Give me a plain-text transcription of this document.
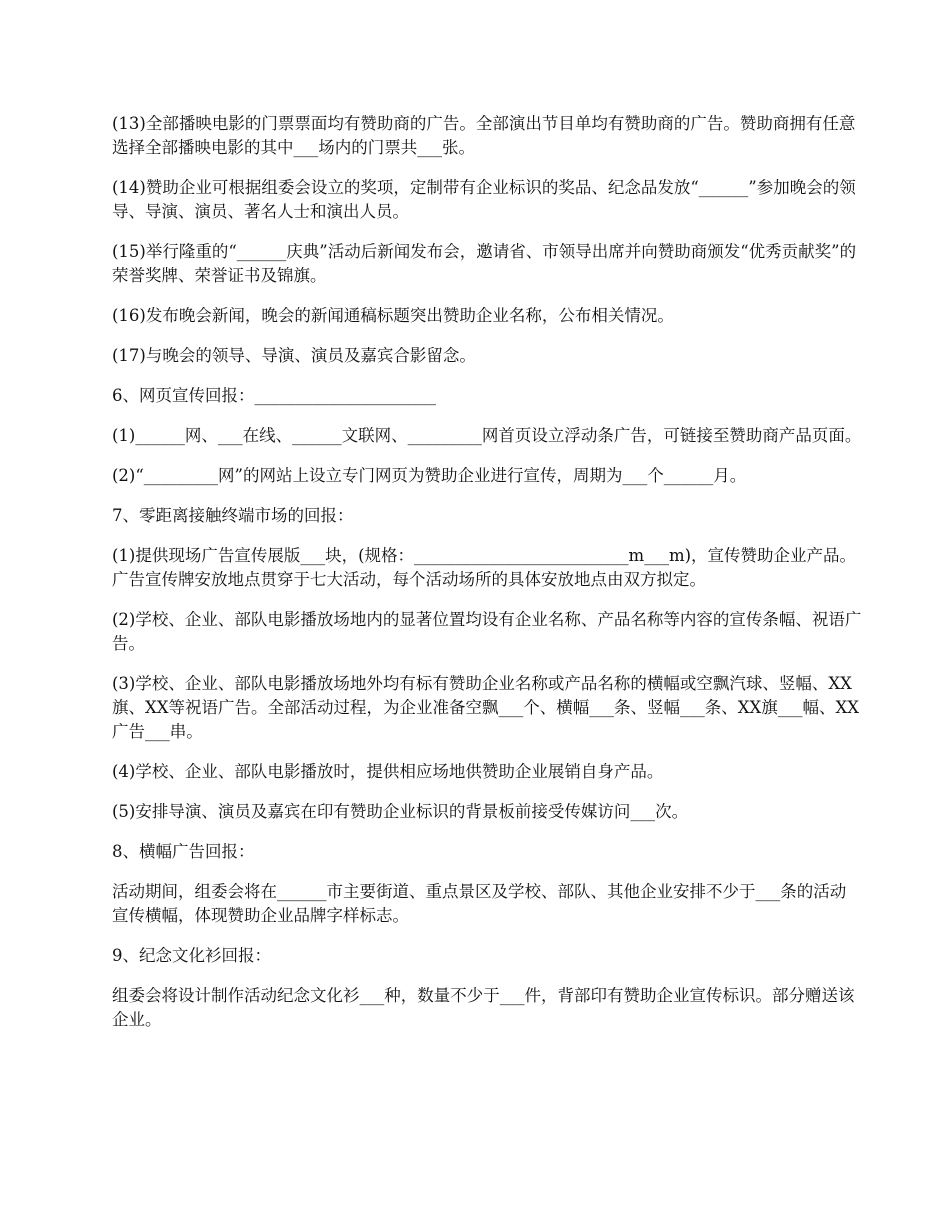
(13)全部播映电影的门票票面均有赞助商的广告。全部演出节目单均有赞助商的广告。赞助商拥有任意选择全部播映电影的其中___场内的门票共___张。

(14)赞助企业可根据组委会设立的奖项，定制带有企业标识的奖品、纪念品发放“______”参加晚会的领导、导演、演员、著名人士和演出人员。

(15)举行隆重的“______庆典”活动后新闻发布会，邀请省、市领导出席并向赞助商颁发“优秀贡献奖”的荣誉奖牌、荣誉证书及锦旗。

(16)发布晚会新闻，晚会的新闻通稿标题突出赞助企业名称，公布相关情况。

(17)与晚会的领导、导演、演员及嘉宾合影留念。

6、网页宣传回报：______________________

(1)______网、___在线、______文联网、_________网首页设立浮动条广告，可链接至赞助商产品页面。

(2)“_________网”的网站上设立专门网页为赞助企业进行宣传，周期为___个______月。

7、零距离接触终端市场的回报：

(1)提供现场广告宣传展版___块，(规格：__________________________m___m)，宣传赞助企业产品。广告宣传牌安放地点贯穿于七大活动，每个活动场所的具体安放地点由双方拟定。

(2)学校、企业、部队电影播放场地内的显著位置均设有企业名称、产品名称等内容的宣传条幅、祝语广告。

(3)学校、企业、部队电影播放场地外均有标有赞助企业名称或产品名称的横幅或空飘汽球、竖幅、XX旗、XX等祝语广告。全部活动过程，为企业准备空飘___个、横幅___条、竖幅___条、XX旗___幅、XX广告___串。

(4)学校、企业、部队电影播放时，提供相应场地供赞助企业展销自身产品。

(5)安排导演、演员及嘉宾在印有赞助企业标识的背景板前接受传媒访问___次。

8、横幅广告回报：

活动期间，组委会将在______市主要街道、重点景区及学校、部队、其他企业安排不少于___条的活动宣传横幅，体现赞助企业品牌字样标志。

9、纪念文化衫回报：

组委会将设计制作活动纪念文化衫___种，数量不少于___件，背部印有赞助企业宣传标识。部分赠送该企业。
